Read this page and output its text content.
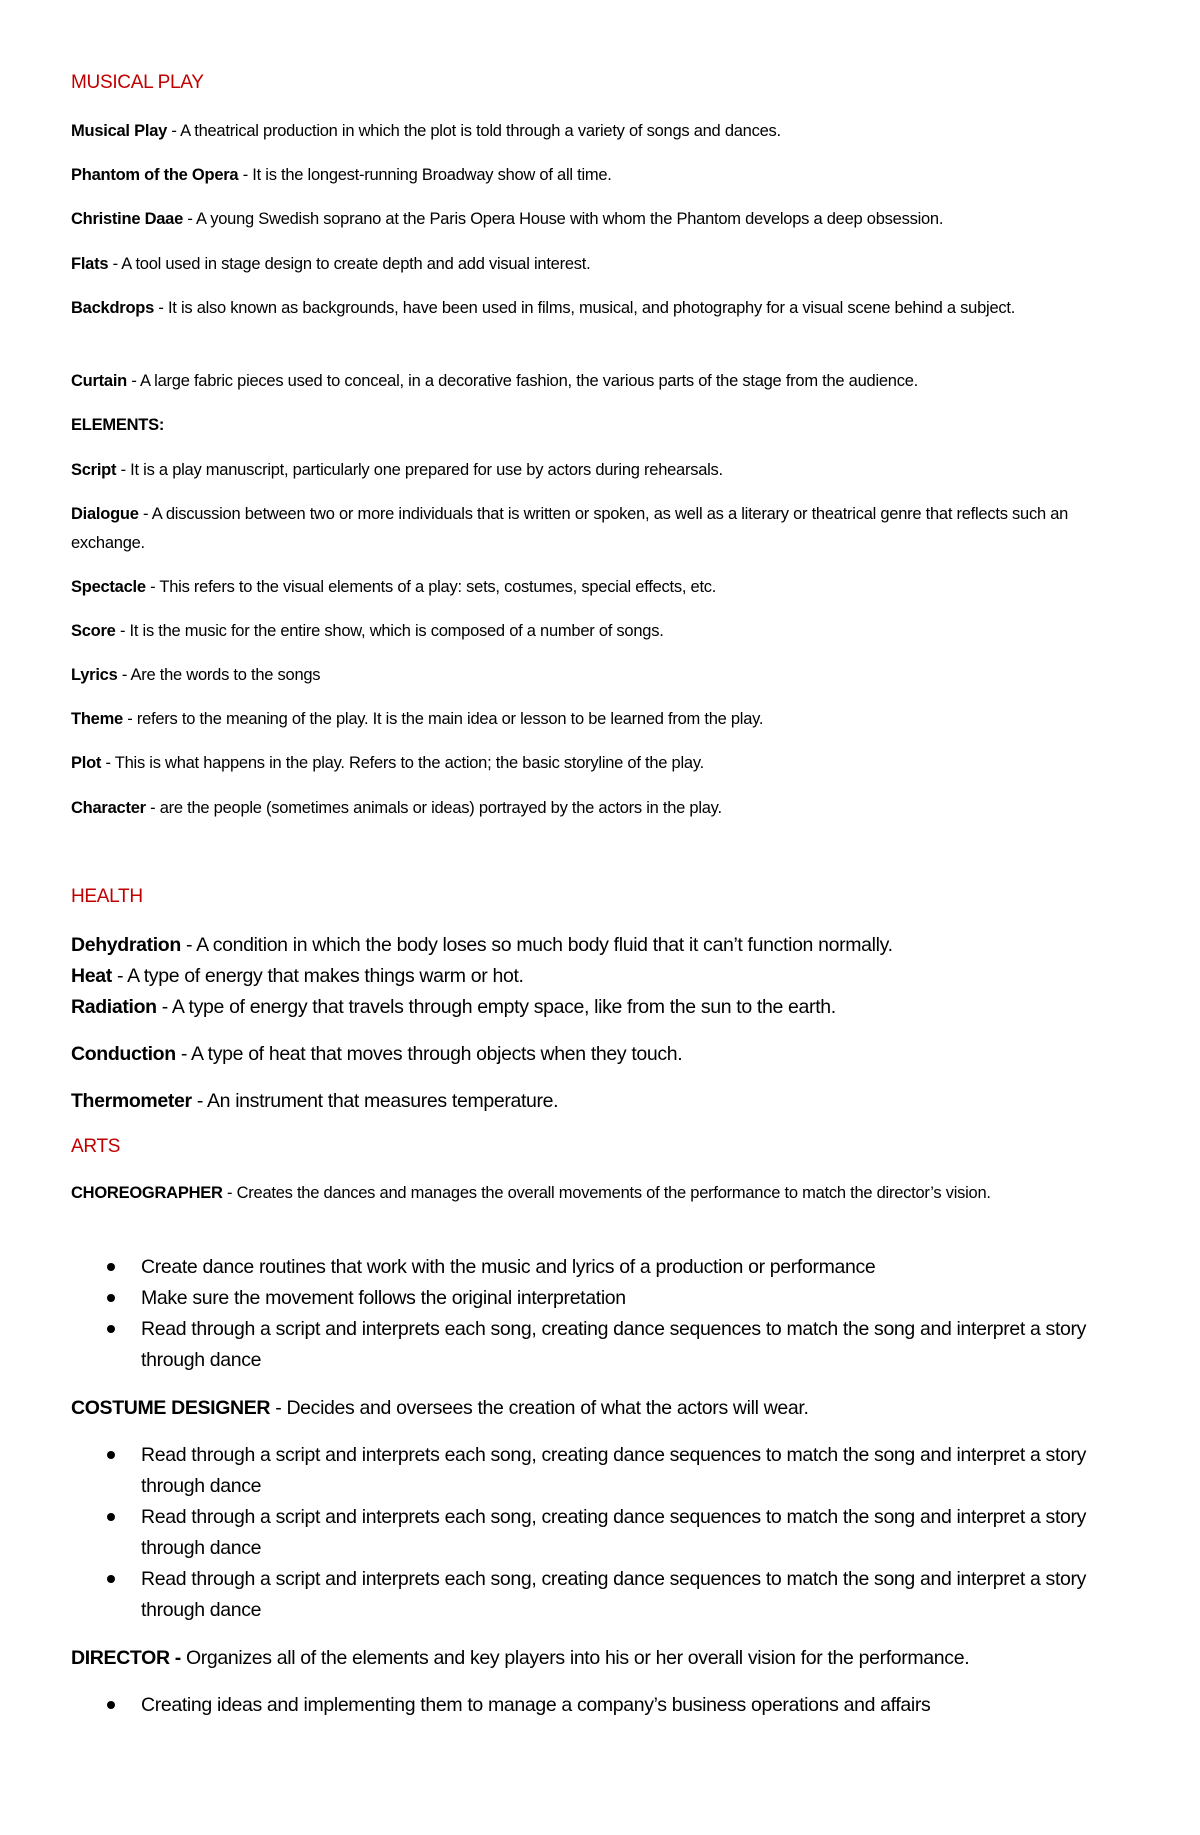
MUSICAL PLAY

Musical Play - A theatrical production in which the plot is told through a variety of songs and dances.

Phantom of the Opera - It is the longest-running Broadway show of all time.

Christine Daae - A young Swedish soprano at the Paris Opera House with whom the Phantom develops a deep obsession.

Flats - A tool used in stage design to create depth and add visual interest.

Backdrops - It is also known as backgrounds, have been used in films, musical, and photography for a visual scene behind a subject.

Curtain - A large fabric pieces used to conceal, in a decorative fashion, the various parts of the stage from the audience.

ELEMENTS:

Script - It is a play manuscript, particularly one prepared for use by actors during rehearsals.

Dialogue - A discussion between two or more individuals that is written or spoken, as well as a literary or theatrical genre that reflects such an exchange.

Spectacle - This refers to the visual elements of a play: sets, costumes, special effects, etc.

Score - It is the music for the entire show, which is composed of a number of songs.

Lyrics - Are the words to the songs

Theme - refers to the meaning of the play. It is the main idea or lesson to be learned from the play.

Plot - This is what happens in the play. Refers to the action; the basic storyline of the play.

Character - are the people (sometimes animals or ideas) portrayed by the actors in the play.

HEALTH

Dehydration - A condition in which the body loses so much body fluid that it can’t function normally.

Heat - A type of energy that makes things warm or hot.

Radiation - A type of energy that travels through empty space, like from the sun to the earth.

Conduction - A type of heat that moves through objects when they touch.

Thermometer - An instrument that measures temperature.

ARTS

CHOREOGRAPHER - Creates the dances and manages the overall movements of the performance to match the director’s vision.

Create dance routines that work with the music and lyrics of a production or performance
Make sure the movement follows the original interpretation
Read through a script and interprets each song, creating dance sequences to match the song and interpret a story through dance

COSTUME DESIGNER - Decides and oversees the creation of what the actors will wear.

Read through a script and interprets each song, creating dance sequences to match the song and interpret a story through dance
Read through a script and interprets each song, creating dance sequences to match the song and interpret a story through dance
Read through a script and interprets each song, creating dance sequences to match the song and interpret a story through dance

DIRECTOR - Organizes all of the elements and key players into his or her overall vision for the performance.

Creating ideas and implementing them to manage a company’s business operations and affairs
